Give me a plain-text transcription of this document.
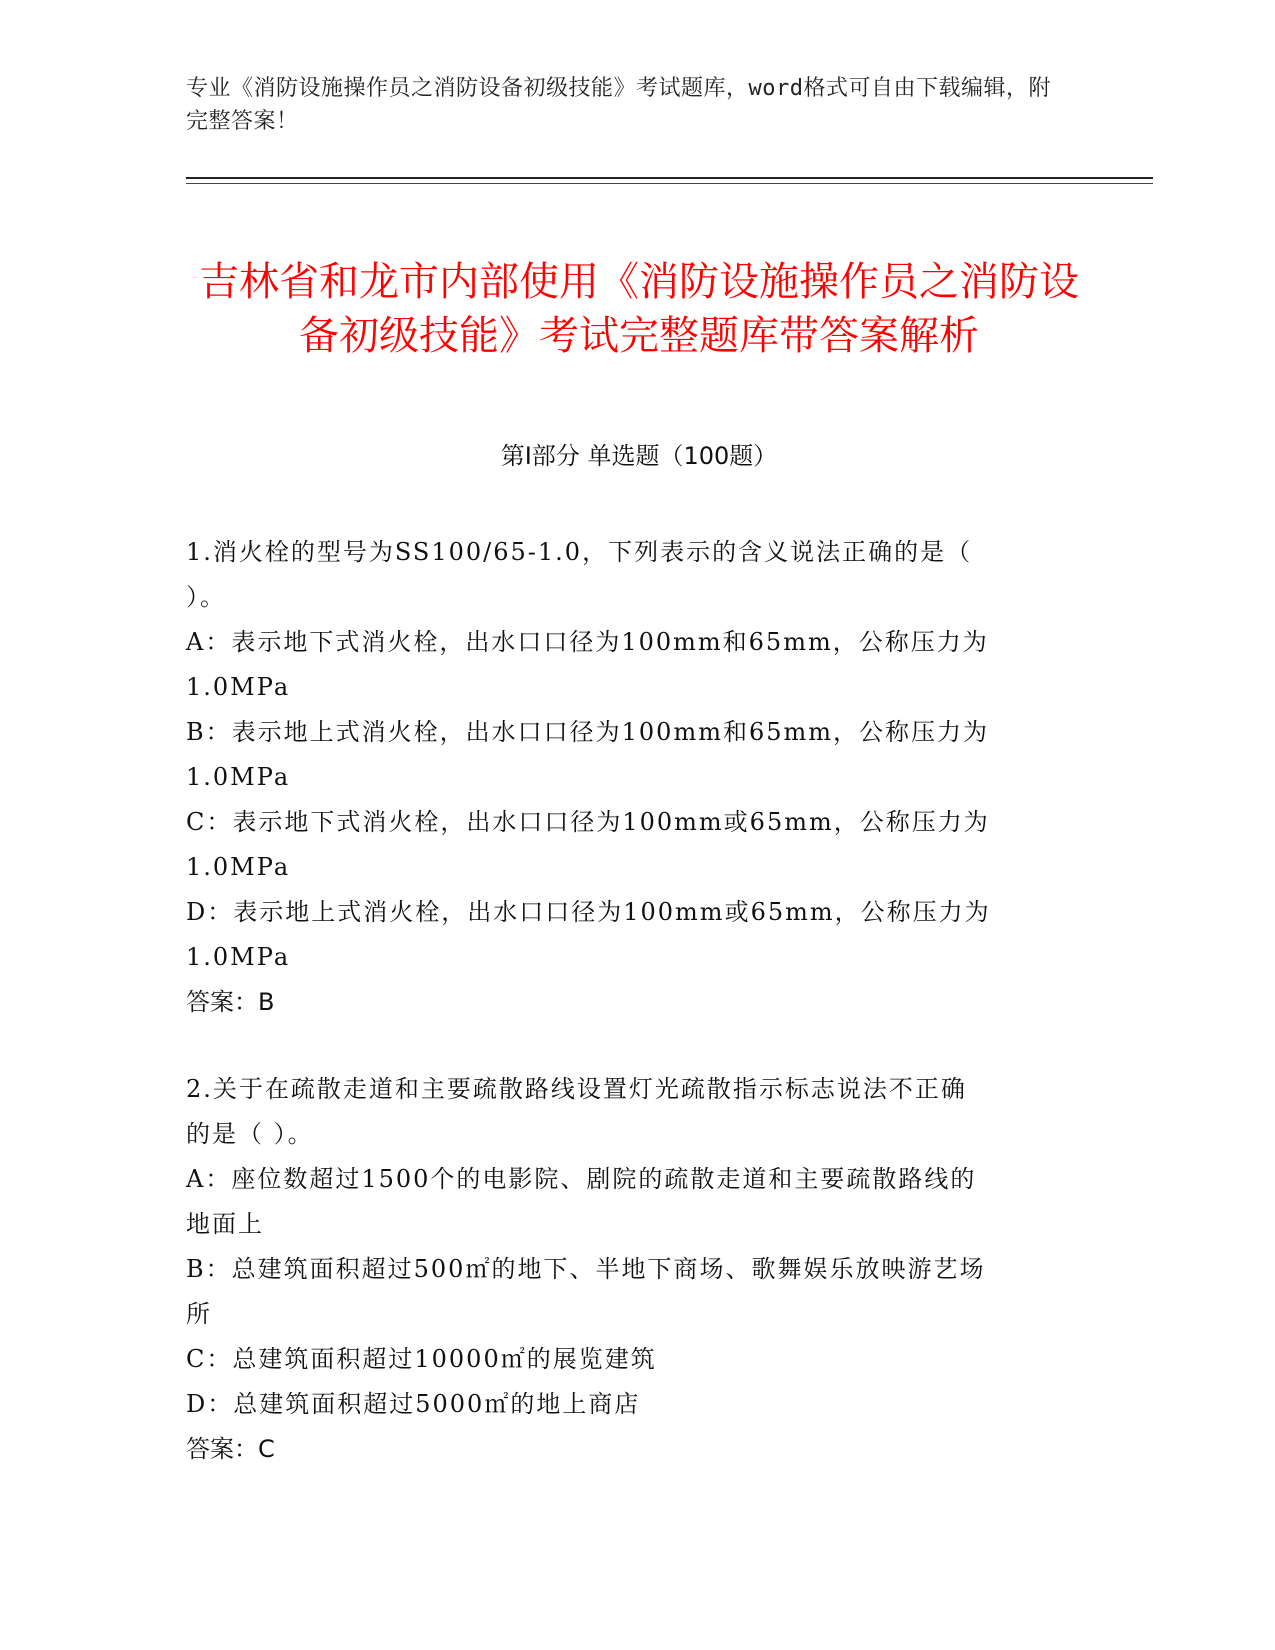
专业《消防设施操作员之消防设备初级技能》考试题库，word格式可自由下载编辑，附完整答案！
吉林省和龙市内部使用《消防设施操作员之消防设备初级技能》考试完整题库带答案解析
第Ⅰ部分 单选题（100题）
1.消火栓的型号为SS100/65-1.0，下列表示的含义说法正确的是（
）。
A：表示地下式消火栓，出水口口径为100mm和65mm，公称压力为
1.0MPa
B：表示地上式消火栓，出水口口径为100mm和65mm，公称压力为
1.0MPa
C：表示地下式消火栓，出水口口径为100mm或65mm，公称压力为
1.0MPa
D：表示地上式消火栓，出水口口径为100mm或65mm，公称压力为
1.0MPa
答案：B
2.关于在疏散走道和主要疏散路线设置灯光疏散指示标志说法不正确
的是（ ）。
A：座位数超过1500个的电影院、剧院的疏散走道和主要疏散路线的
地面上
B：总建筑面积超过500㎡的地下、半地下商场、歌舞娱乐放映游艺场
所
C：总建筑面积超过10000㎡的展览建筑
D：总建筑面积超过5000㎡的地上商店
答案：C
